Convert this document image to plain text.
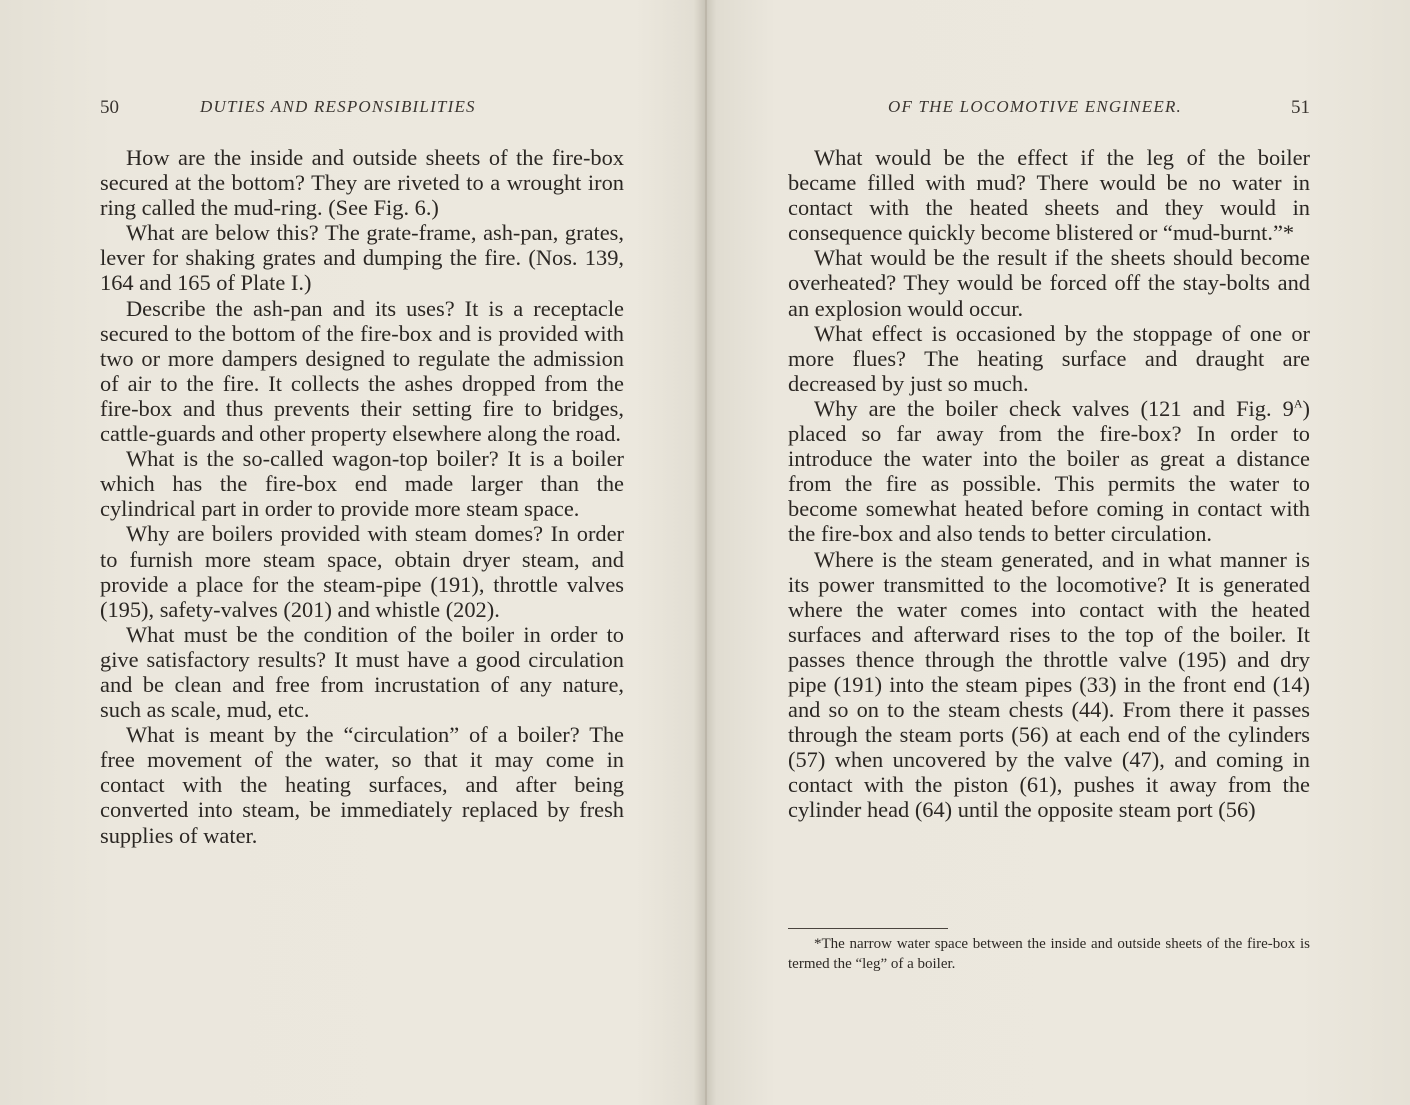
50	DUTIES AND RESPONSIBILITIES

How are the inside and outside sheets of the fire-box secured at the bottom? They are riveted to a wrought iron ring called the mud-ring. (See Fig. 6.)

What are below this? The grate-frame, ash-pan, grates, lever for shaking grates and dumping the fire. (Nos. 139, 164 and 165 of Plate I.)

Describe the ash-pan and its uses? It is a receptacle secured to the bottom of the fire-box and is provided with two or more dampers designed to regulate the admission of air to the fire. It collects the ashes dropped from the fire-box and thus prevents their setting fire to bridges, cattle-guards and other property elsewhere along the road.

What is the so-called wagon-top boiler? It is a boiler which has the fire-box end made larger than the cylindrical part in order to provide more steam space.

Why are boilers provided with steam domes? In order to furnish more steam space, obtain dryer steam, and provide a place for the steam-pipe (191), throttle valves (195), safety-valves (201) and whistle (202).

What must be the condition of the boiler in order to give satisfactory results? It must have a good circulation and be clean and free from incrustation of any nature, such as scale, mud, etc.

What is meant by the “circulation” of a boiler? The free movement of the water, so that it may come in contact with the heating surfaces, and after being converted into steam, be immediately replaced by fresh supplies of water.

OF THE LOCOMOTIVE ENGINEER.	51

What would be the effect if the leg of the boiler became filled with mud? There would be no water in contact with the heated sheets and they would in consequence quickly become blistered or “mud-burnt.”*

What would be the result if the sheets should become overheated? They would be forced off the stay-bolts and an explosion would occur.

What effect is occasioned by the stoppage of one or more flues? The heating surface and draught are decreased by just so much.

Why are the boiler check valves (121 and Fig. $9^A$) placed so far away from the fire-box? In order to introduce the water into the boiler as great a distance from the fire as possible. This permits the water to become somewhat heated before coming in contact with the fire-box and also tends to better circulation.

Where is the steam generated, and in what manner is its power transmitted to the locomotive? It is generated where the water comes into contact with the heated surfaces and afterward rises to the top of the boiler. It passes thence through the throttle valve (195) and dry pipe (191) into the steam pipes (33) in the front end (14) and so on to the steam chests (44). From there it passes through the steam ports (56) at each end of the cylinders (57) when uncovered by the valve (47), and coming in contact with the piston (61), pushes it away from the cylinder head (64) until the opposite steam port (56)

*The narrow water space between the inside and outside sheets of the fire-box is termed the “leg” of a boiler.
